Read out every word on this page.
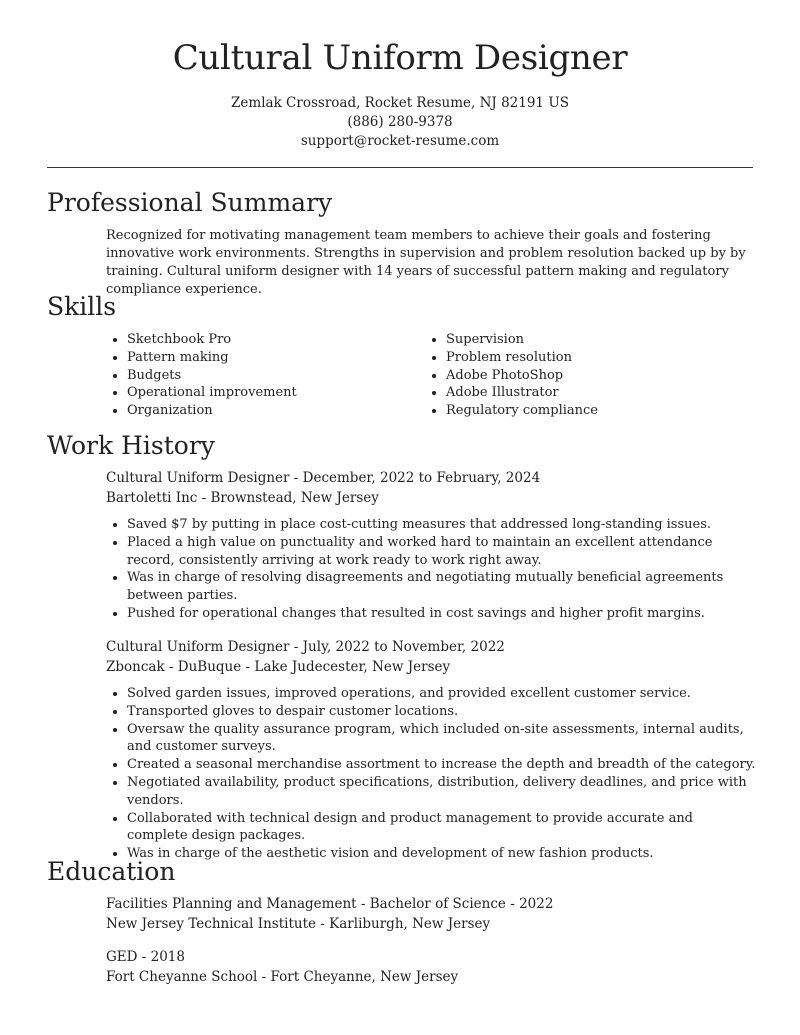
Cultural Uniform Designer
Zemlak Crossroad, Rocket Resume, NJ 82191 US
(886) 280-9378
support@rocket-resume.com
Professional Summary
Recognized for motivating management team members to achieve their goals and fostering innovative work environments. Strengths in supervision and problem resolution backed up by by training. Cultural uniform designer with 14 years of successful pattern making and regulatory compliance experience.
Skills
• Sketchbook Pro
• Pattern making
• Budgets
• Operational improvement
• Organization
• Supervision
• Problem resolution
• Adobe PhotoShop
• Adobe Illustrator
• Regulatory compliance
Work History
Cultural Uniform Designer - December, 2022 to February, 2024
Bartoletti Inc - Brownstead, New Jersey
• Saved $7 by putting in place cost-cutting measures that addressed long-standing issues.
• Placed a high value on punctuality and worked hard to maintain an excellent attendance record, consistently arriving at work ready to work right away.
• Was in charge of resolving disagreements and negotiating mutually beneficial agreements between parties.
• Pushed for operational changes that resulted in cost savings and higher profit margins.
Cultural Uniform Designer - July, 2022 to November, 2022
Zboncak - DuBuque - Lake Judecester, New Jersey
• Solved garden issues, improved operations, and provided excellent customer service.
• Transported gloves to despair customer locations.
• Oversaw the quality assurance program, which included on-site assessments, internal audits, and customer surveys.
• Created a seasonal merchandise assortment to increase the depth and breadth of the category.
• Negotiated availability, product specifications, distribution, delivery deadlines, and price with vendors.
• Collaborated with technical design and product management to provide accurate and complete design packages.
• Was in charge of the aesthetic vision and development of new fashion products.
Education
Facilities Planning and Management - Bachelor of Science - 2022
New Jersey Technical Institute - Karliburgh, New Jersey
GED - 2018
Fort Cheyanne School - Fort Cheyanne, New Jersey
